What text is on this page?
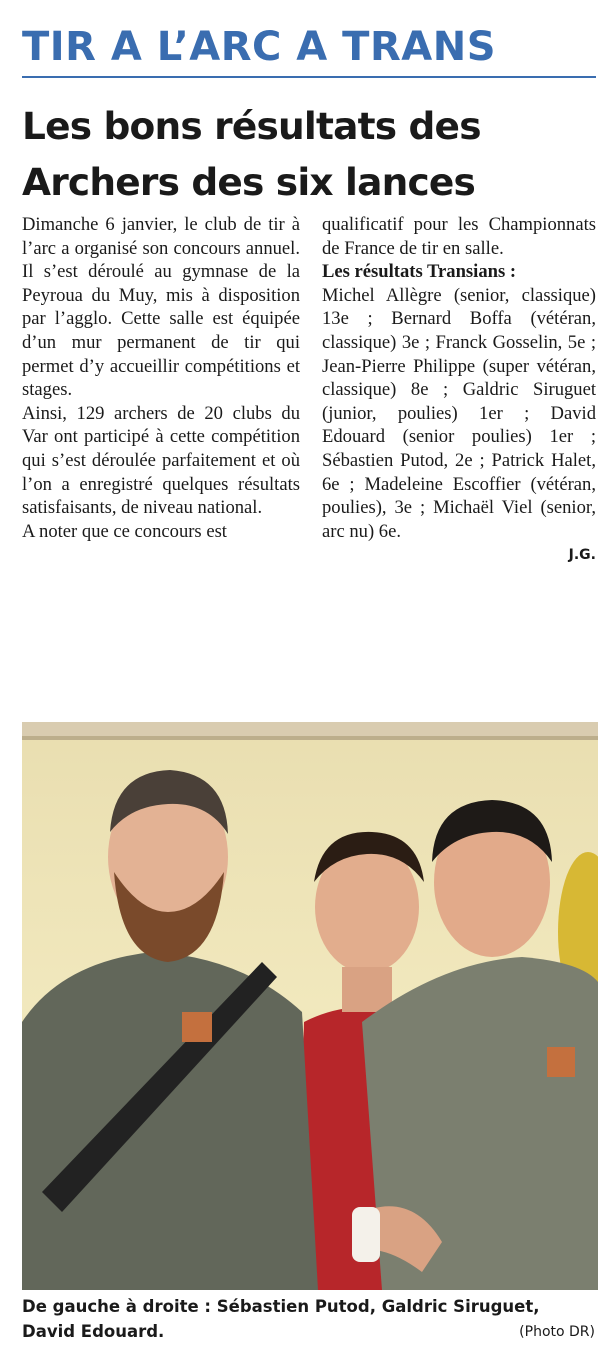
TIR A L’ARC A TRANS
Les bons résultats des
Archers des six lances

Dimanche 6 janvier, le club de tir à l’arc a organisé son concours annuel. Il s’est déroulé au gymnase de la Peyroua du Muy, mis à disposition par l’agglo. Cette salle est équipée d’un mur permanent de tir qui permet d’y accueillir compétitions et stages.

Ainsi, 129 archers de 20 clubs du Var ont participé à cette compétition qui s’est déroulée parfaitement et où l’on a enregistré quelques résultats satisfaisants, de niveau national.

A noter que ce concours est

qualificatif pour les Championnats de France de tir en salle.

Les résultats Transians :

Michel Allègre (senior, classique) 13e ; Bernard Boffa (vétéran, classique) 3e ; Franck Gosselin, 5e ; Jean-Pierre Philippe (super vétéran, classique) 8e ; Galdric Siruguet (junior, poulies) 1er ; David Edouard (senior poulies) 1er ; Sébastien Putod, 2e ; Patrick Halet, 6e ; Madeleine Escoffier (vétéran, poulies), 3e ; Michaël Viel (senior, arc nu) 6e.

J.G.
De gauche à droite : Sébastien Putod, Galdric Siruguet, David Edouard.	(Photo DR)
